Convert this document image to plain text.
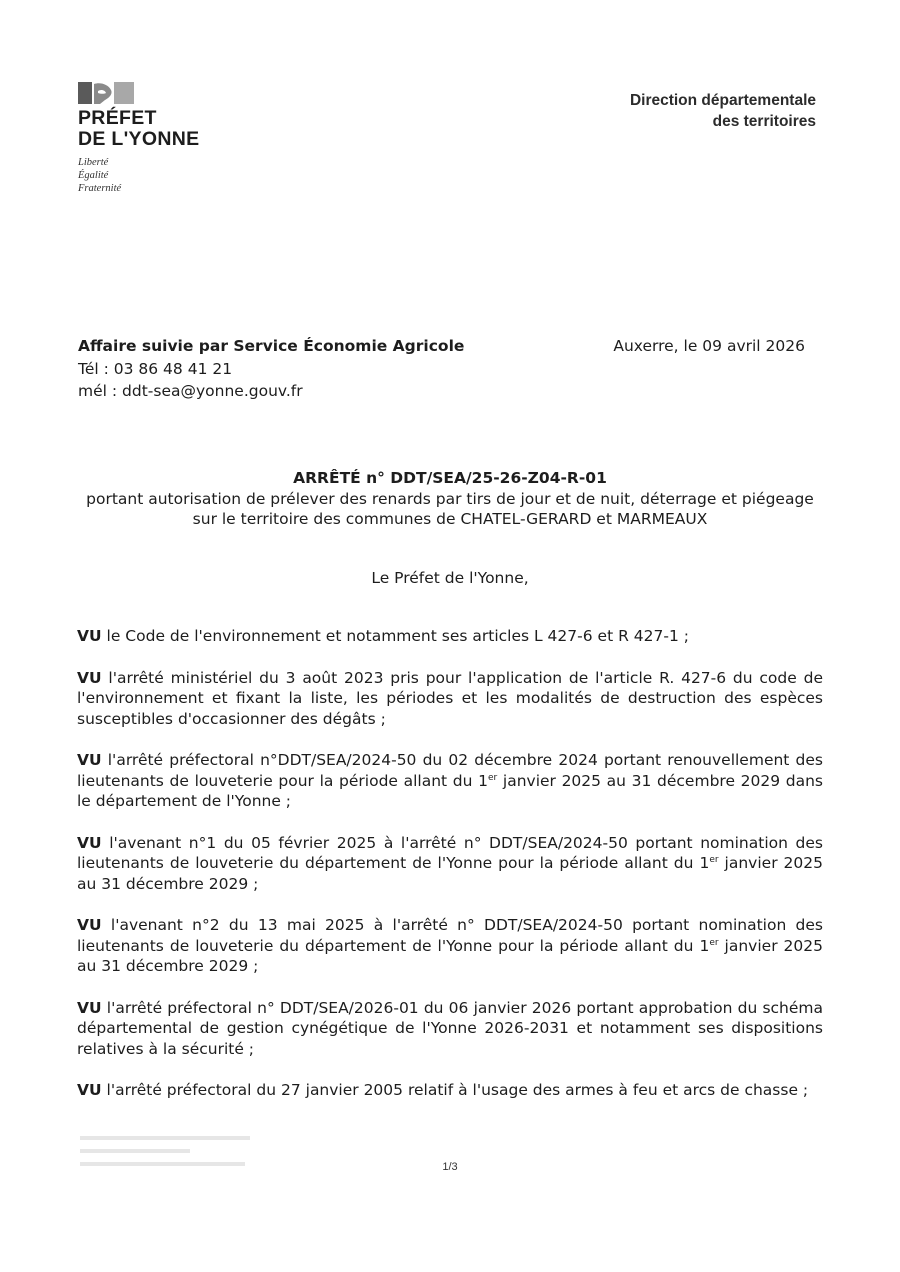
PRÉFET
DE L'YONNE
Liberté
Égalité
Fraternité
Direction départementale
des territoires
Affaire suivie par Service Économie Agricole
Tél : 03 86 48 41 21
mél : ddt-sea@yonne.gouv.fr
Auxerre, le 09 avril 2026
ARRÊTÉ n° DDT/SEA/25-26-Z04-R-01
portant autorisation de prélever des renards par tirs de jour et de nuit, déterrage et piégeage
sur le territoire des communes de CHATEL-GERARD et MARMEAUX
Le Préfet de l'Yonne,

VU le Code de l'environnement et notamment ses articles L 427-6 et R 427-1 ;

VU l'arrêté ministériel du 3 août 2023 pris pour l'application de l'article R. 427-6 du code de l'environnement et fixant la liste, les périodes et les modalités de destruction des espèces susceptibles d'occasionner des dégâts ;

VU l'arrêté préfectoral n°DDT/SEA/2024-50 du 02 décembre 2024 portant renouvellement des lieutenants de louveterie pour la période allant du 1er janvier 2025 au 31 décembre 2029 dans le département de l'Yonne ;

VU l'avenant n°1 du 05 février 2025 à l'arrêté n° DDT/SEA/2024-50 portant nomination des lieutenants de louveterie du département de l'Yonne pour la période allant du 1er janvier 2025 au 31 décembre 2029 ;

VU l'avenant n°2 du 13 mai 2025 à l'arrêté n° DDT/SEA/2024-50 portant nomination des lieutenants de louveterie du département de l'Yonne pour la période allant du 1er janvier 2025 au 31 décembre 2029 ;

VU l'arrêté préfectoral n° DDT/SEA/2026-01 du 06 janvier 2026 portant approbation du schéma départemental de gestion cynégétique de l'Yonne 2026-2031 et notamment ses dispositions relatives à la sécurité ;

VU l'arrêté préfectoral du 27 janvier 2005 relatif à l'usage des armes à feu et arcs de chasse ;

1/3
